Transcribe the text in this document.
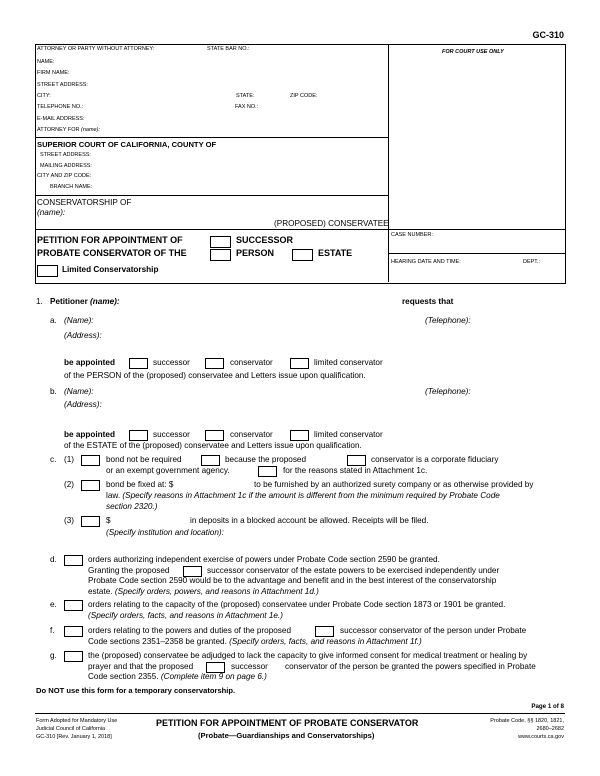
GC-310
ATTORNEY OR PARTY WITHOUT ATTORNEY:	STATE BAR NO.:
NAME:
FIRM NAME:
STREET ADDRESS:
CITY:	STATE:	ZIP CODE:
TELEPHONE NO.:	FAX NO.:
E-MAIL ADDRESS:
ATTORNEY FOR (name):
SUPERIOR COURT OF CALIFORNIA, COUNTY OF
STREET ADDRESS:
MAILING ADDRESS:
CITY AND ZIP CODE:
BRANCH NAME:
CONSERVATORSHIP OF
(name):
(PROPOSED) CONSERVATEE
FOR COURT USE ONLY
CASE NUMBER:
HEARING DATE AND TIME:	DEPT.:
PETITION FOR APPOINTMENT OF
PROBATE CONSERVATOR OF THE
SUCCESSOR
PERSON	ESTATE
Limited Conservatorship
1. Petitioner (name):	requests that
a. (Name):	(Telephone):
(Address):
be appointed	successor	conservator	limited conservator
of the PERSON of the (proposed) conservatee and Letters issue upon qualification.
b. (Name):	(Telephone):
(Address):
be appointed	successor	conservator	limited conservator
of the ESTATE of the (proposed) conservatee and Letters issue upon qualification.
c. (1)	bond not be required	because the proposed	conservator is a corporate fiduciary
or an exempt government agency.	for the reasons stated in Attachment 1c.
(2)	bond be fixed at: $	to be furnished by an authorized surety company or as otherwise provided by
law. (Specify reasons in Attachment 1c if the amount is different from the minimum required by Probate Code
section 2320.)
(3)	$	in deposits in a blocked account be allowed. Receipts will be filed.
(Specify institution and location):
d.	orders authorizing independent exercise of powers under Probate Code section 2590 be granted.
Granting the proposed	successor conservator of the estate powers to be exercised independently under
Probate Code section 2590 would be to the advantage and benefit and in the best interest of the conservatorship
estate. (Specify orders, powers, and reasons in Attachment 1d.)
e.	orders relating to the capacity of the (proposed) conservatee under Probate Code section 1873 or 1901 be granted.
(Specify orders, facts, and reasons in Attachment 1e.)
f.	orders relating to the powers and duties of the proposed	successor conservator of the person under Probate
Code sections 2351–2358 be granted. (Specify orders, facts, and reasons in Attachment 1f.)
g.	the (proposed) conservatee be adjudged to lack the capacity to give informed consent for medical treatment or healing by
prayer and that the proposed	successor conservator of the person be granted the powers specified in Probate
Code section 2355. (Complete item 9 on page 6.)
Do NOT use this form for a temporary conservatorship.
Page 1 of 8
Form Adopted for Mandatory Use
Judicial Council of California
GC-310 [Rev. January 1, 2018]
PETITION FOR APPOINTMENT OF PROBATE CONSERVATOR
(Probate—Guardianships and Conservatorships)
Probate Code, §§ 1820, 1821,
2680–2682
www.courts.ca.gov
